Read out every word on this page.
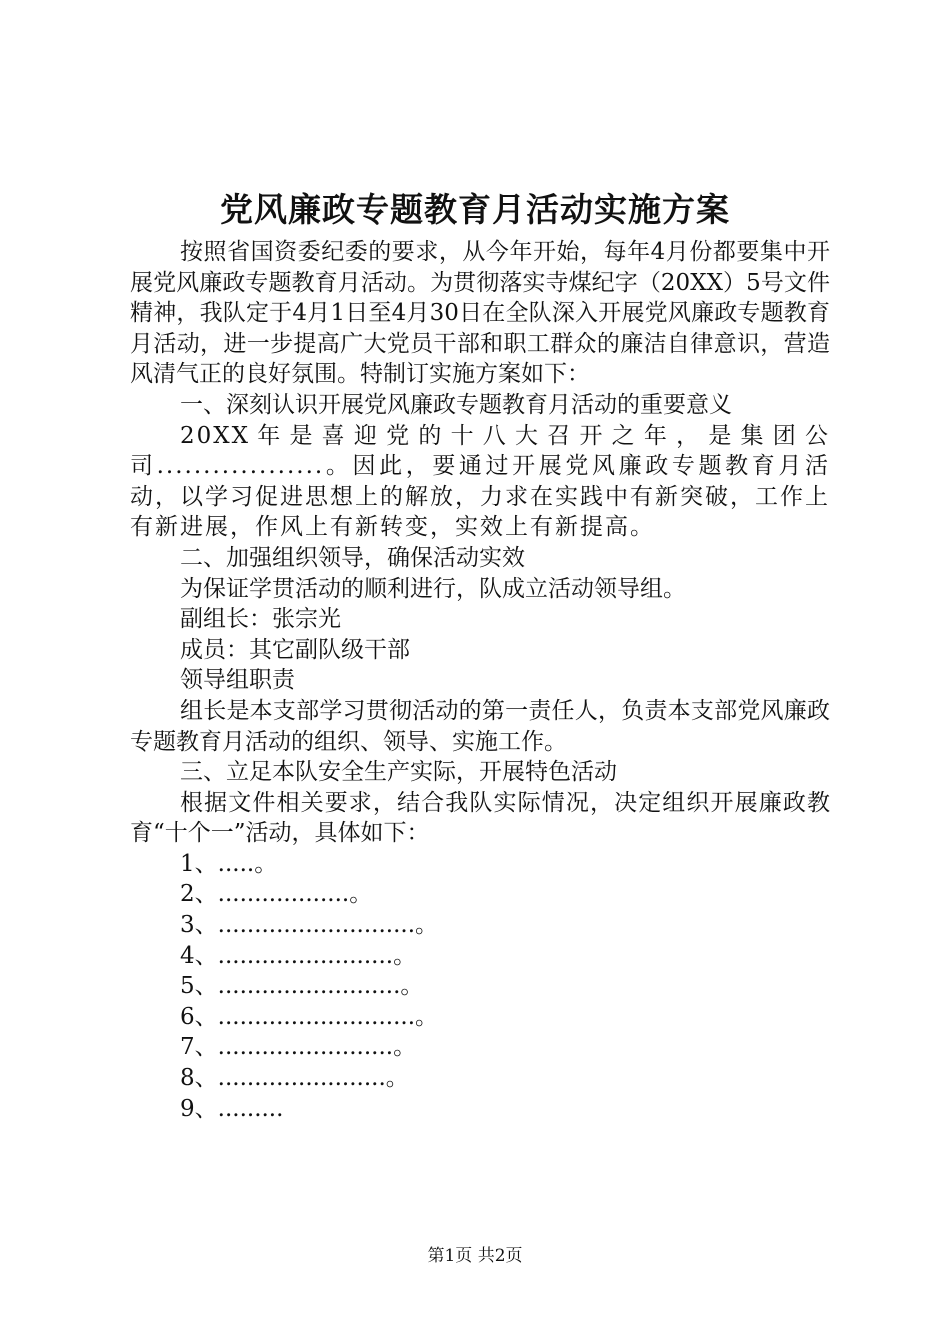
党风廉政专题教育月活动实施方案

按照省国资委纪委的要求，从今年开始，每年4月份都要集中开展党风廉政专题教育月活动。为贯彻落实寺煤纪字（20XX）5号文件精神，我队定于4月1日至4月30日在全队深入开展党风廉政专题教育月活动，进一步提高广大党员干部和职工群众的廉洁自律意识，营造风清气正的良好氛围。特制订实施方案如下：

一、深刻认识开展党风廉政专题教育月活动的重要意义

20XX年是喜迎党的十八大召开之年，是集团公司..................。因此，要通过开展党风廉政专题教育月活动，以学习促进思想上的解放，力求在实践中有新突破，工作上有新进展，作风上有新转变，实效上有新提高。

二、加强组织领导，确保活动实效

为保证学贯活动的顺利进行，队成立活动领导组。

副组长：张宗光

成员：其它副队级干部

领导组职责

组长是本支部学习贯彻活动的第一责任人，负责本支部党风廉政专题教育月活动的组织、领导、实施工作。

三、立足本队安全生产实际，开展特色活动

根据文件相关要求，结合我队实际情况，决定组织开展廉政教育“十个一”活动，具体如下：

1、.....。

2、..................。

3、...........................。

4、........................。

5、.........................。

6、...........................。

7、........................。

8、.......................。

9、.........

第1页 共2页
